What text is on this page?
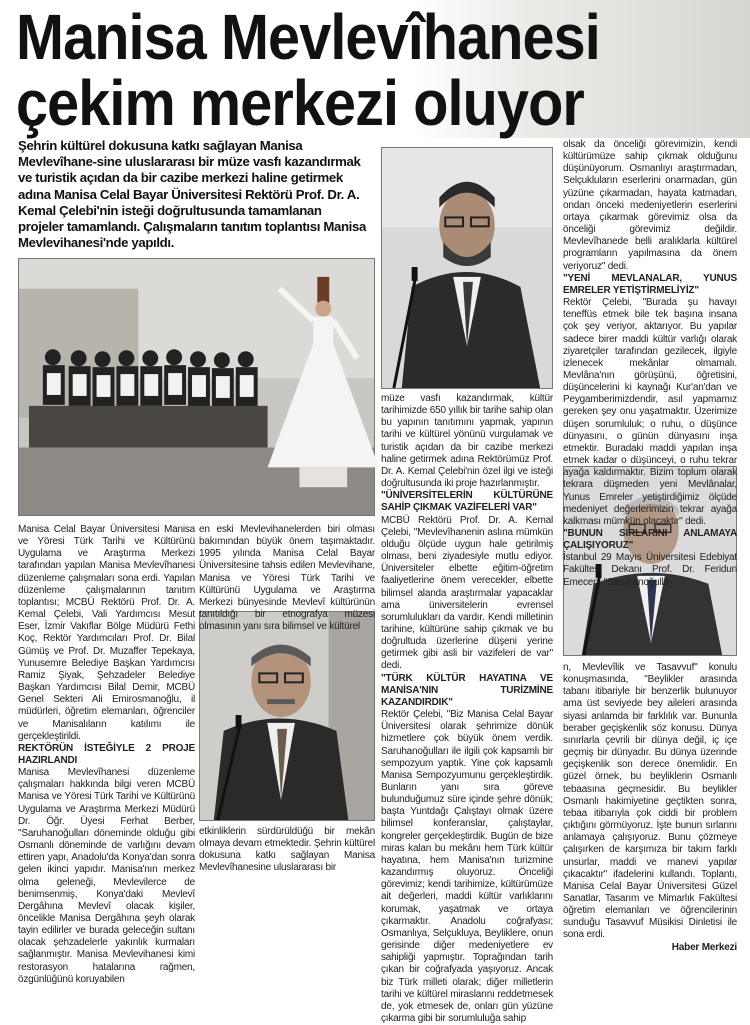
Manisa Mevlevîhanesi
çekim merkezi oluyor
Şehrin kültürel dokusuna katkı sağlayan Manisa Mevlevîhane-sine uluslararası bir müze vasfı kazandırmak ve turistik açıdan da bir cazibe merkezi haline getirmek adına Manisa Celal Bayar Üniversitesi Rektörü Prof. Dr. A. Kemal Çelebi'nin isteği doğrultusunda tamamlanan projeler tamamlandı. Çalışmaların tanıtım toplantısı Manisa Mevlevihanesi'nde yapıldı.

Manisa Celal Bayar Üniversitesi Manisa ve Yöresi Türk Tarihi ve Kültürünü Uygulama ve Araştırma Merkezi tarafından yapılan Manisa Mevlevîhanesi düzenleme çalışmaları sona erdi. Yapılan düzenleme çalışmalarının tanıtım toplantısı; MCBÜ Rektörü Prof. Dr. A. Kemal Çelebi, Vali Yardımcısı Mesut Eser, İzmir Vakıflar Bölge Müdürü Fethi Koç, Rektör Yardımcıları Prof. Dr. Bilal Gümüş ve Prof. Dr. Muzaffer Tepekaya, Yunusemre Belediye Başkan Yardımcısı Ramiz Şiyak, Şehzadeler Belediye Başkan Yardımcısı Bilal Demir, MCBÜ Genel Sekteri Ali Emirosmanoğlu, il müdürleri, öğretim elemanları, öğrenciler ve Manisalıların katılımı ile gerçekleştirildi.

REKTÖRÜN İSTEĞİYLE 2 PROJE HAZIRLANDI

Manisa Mevlevîhanesi düzenleme çalışmaları hakkında bilgi veren MCBÜ Manisa ve Yöresi Türk Tarihi ve Kültürünü Uygulama ve Araştırma Merkezi Müdürü Dr. Öğr. Üyesi Ferhat Berber, "Saruhanoğulları döneminde olduğu gibi Osmanlı döneminde de varlığını devam ettiren yapı, Anadolu'da Konya'dan sonra gelen ikinci yapıdır. Manisa'nın merkez olma geleneği, Mevlevilerce de benimsenmiş, Konya'daki Mevlevî Dergâhına Mevlevî olacak kişiler, öncelikle Manisa Dergâhına şeyh olarak tayin edilirler ve burada geleceğin sultanı olacak şehzadelerle yakınlık kurmaları sağlanmıştır. Manisa Mevlevihanesi kimi restorasyon hatalarına rağmen, özgünlüğünü koruyabilen

en eski Mevlevihanelerden biri olması bakımından büyük önem taşımaktadır. 1995 yılında Manisa Celal Bayar Üniversitesine tahsis edilen Mevlevihane, Manisa ve Yöresi Türk Tarihi ve Kültürünü Uygulama ve Araştırma Merkezi bünyesinde Mevlevî kültürünün tanıtıldığı bir etnografya müzesi olmasının yanı sıra bilimsel ve kültürel

etkinliklerin sürdürüldüğü bir mekân olmaya devam etmektedir. Şehrin kültürel dokusuna katkı sağlayan Manisa Mevlevîhanesine uluslararası bir

müze vasfı kazandırmak, kültür tarihimizde 650 yıllık bir tarihe sahip olan bu yapının tanıtımını yapmak, yapının tarihi ve kültürel yönünü vurgulamak ve turistik açıdan da bir cazibe merkezi haline getirmek adına Rektörümüz Prof. Dr. A. Kemal Çelebi'nin özel ilgi ve isteği doğrultusunda iki proje hazırlanmıştır.

"ÜNİVERSİTELERİN KÜLTÜRÜNE SAHİP ÇIKMAK VAZİFELERİ VAR"

MCBÜ Rektörü Prof. Dr. A. Kemal Çelebi, "Mevlevîhanenin aslına mümkün olduğu ölçüde uygun hale getirilmiş olması, beni ziyadesiyle mutlu ediyor. Üniversiteler elbette eğitim-öğretim faaliyetlerine önem verecekler, elbette bilimsel alanda araştırmalar yapacaklar ama üniversitelerin evrensel sorumlulukları da vardır. Kendi milletinin tarihine, kültürüne sahip çıkmak ve bu doğrultuda üzerlerine düşeni yerine getirmek gibi asli bir vazifeleri de var" dedi.

"TÜRK KÜLTÜR HAYATINA VE MANİSA'NIN TURİZMİNE KAZANDIRDIK"

Rektör Çelebi, "Biz Manisa Celal Bayar Üniversitesi olarak şehrimize dönük hizmetlere çok büyük önem verdik. Saruhanoğulları ile ilgili çok kapsamlı bir sempozyum yaptık. Yine çok kapsamlı Manisa Sempozyumunu gerçekleştirdik. Bunların yanı sıra göreve bulunduğumuz süre içinde şehre dönük; başta Yuntdağı Çalıştayı olmak üzere bilimsel konferanslar, çalıştaylar, kongreler gerçekleştirdik. Bugün de bize miras kalan bu mekânı hem Türk kültür hayatına, hem Manisa'nın turizmine kazandırmış oluyoruz. Önceliği görevimiz; kendi tarihimize, kültürümüze ait değerleri, maddi kültür varlıklarını korumak, yaşatmak ve ortaya çıkarmaktır. Anadolu coğrafyası; Osmanlıya, Selçukluya, Beyliklere, onun gerisinde diğer medeniyetlere ev sahipliği yapmıştır. Toprağından tarih çıkan bir coğrafyada yaşıyoruz. Ancak biz Türk milleti olarak; diğer milletlerin tarihi ve kültürel miraslarını reddetmesek de, yok etmesek de, onları gün yüzüne çıkarma gibi bir sorumluluğa sahip

olsak da önceliği görevimizin, kendi kültürümüze sahip çıkmak olduğunu düşünüyorum. Osmanlıyı araştırmadan, Selçukluların eserlerini onarmadan, gün yüzüne çıkarmadan, hayata katmadan, ondan önceki medeniyetlerin eserlerini ortaya çıkarmak görevimiz olsa da önceliği görevimiz değildir. Mevlevîhanede belli aralıklarla kültürel programların yapılmasına da önem veriyoruz" dedi.

"YENİ MEVLANALAR, YUNUS EMRELER YETİŞTİRMELİYİZ"

Rektör Çelebi, "Burada şu havayı teneffüs etmek bile tek başına insana çok şey veriyor, aktarıyor. Bu yapılar sadece birer maddi kültür varlığı olarak ziyaretçiler tarafından gezilecek, ilgiyle izlenecek mekânlar olmamalı. Mevlâna'nın görüşünü, öğretisini, düşüncelerini ki kaynağı Kur'an'dan ve Peygamberimizdendir, asıl yapmamız gereken şey onu yaşatmaktır. Üzerimize düşen sorumluluk; o ruhu, o düşünce dünyasını, o günün dünyasını inşa etmektir. Buradaki maddi yapılan inşa etmek kadar o düşünceyi, o ruhu tekrar ayağa kaldırmaktır. Bizim toplum olarak tekrara düşmeden yeni Mevlânalar, Yunus Emreler yetiştirdiğimiz ölçüde medeniyet değerlerimizin tekrar ayağa kalkması mümkün olacaktır" dedi.

"BUNUN SIRLARINI ANLAMAYA ÇALIŞIYORUZ"

İstanbul 29 Mayıs Üniversitesi Edebiyat Fakültesi Dekanı Prof. Dr. Feridun Emecen, "Saruhanoğulla-

n, Mevlevîlik ve Tasavvuf" konulu konuşmasında, "Beylikler arasında tabanı itibariyle bir benzerlik bulunuyor ama üst seviyede bey aileleri arasında siyasi anlamda bir farklılık var. Bununla beraber geçişkenlik söz konusu. Dünya sınırlarla çevrili bir dünya değil, iç içe geçmiş bir dünyadır. Bu dünya üzerinde geçişkenlik son derece önemlidir. En güzel örnek, bu beyliklerin Osmanlı tebaasına geçmesidir. Bu beylikler Osmanlı hakimiyetine geçtikten sonra, tebaa itibarıyla çok ciddi bir problem çıktığını görmüyoruz. İşte bunun sırlarını anlamaya çalışıyoruz. Bunu çözmeye çalışırken de karşımıza bir takım farklı unsurlar, maddi ve manevi yapılar çıkacaktır" ifadelerini kullandı. Toplantı, Manisa Celal Bayar Üniversitesi Güzel Sanatlar, Tasarım ve Mimarlık Fakültesi öğretim elemanları ve öğrencilerinin sunduğu Tasavvuf Müsikisi Dinletisi ile sona erdi.

Haber Merkezi
